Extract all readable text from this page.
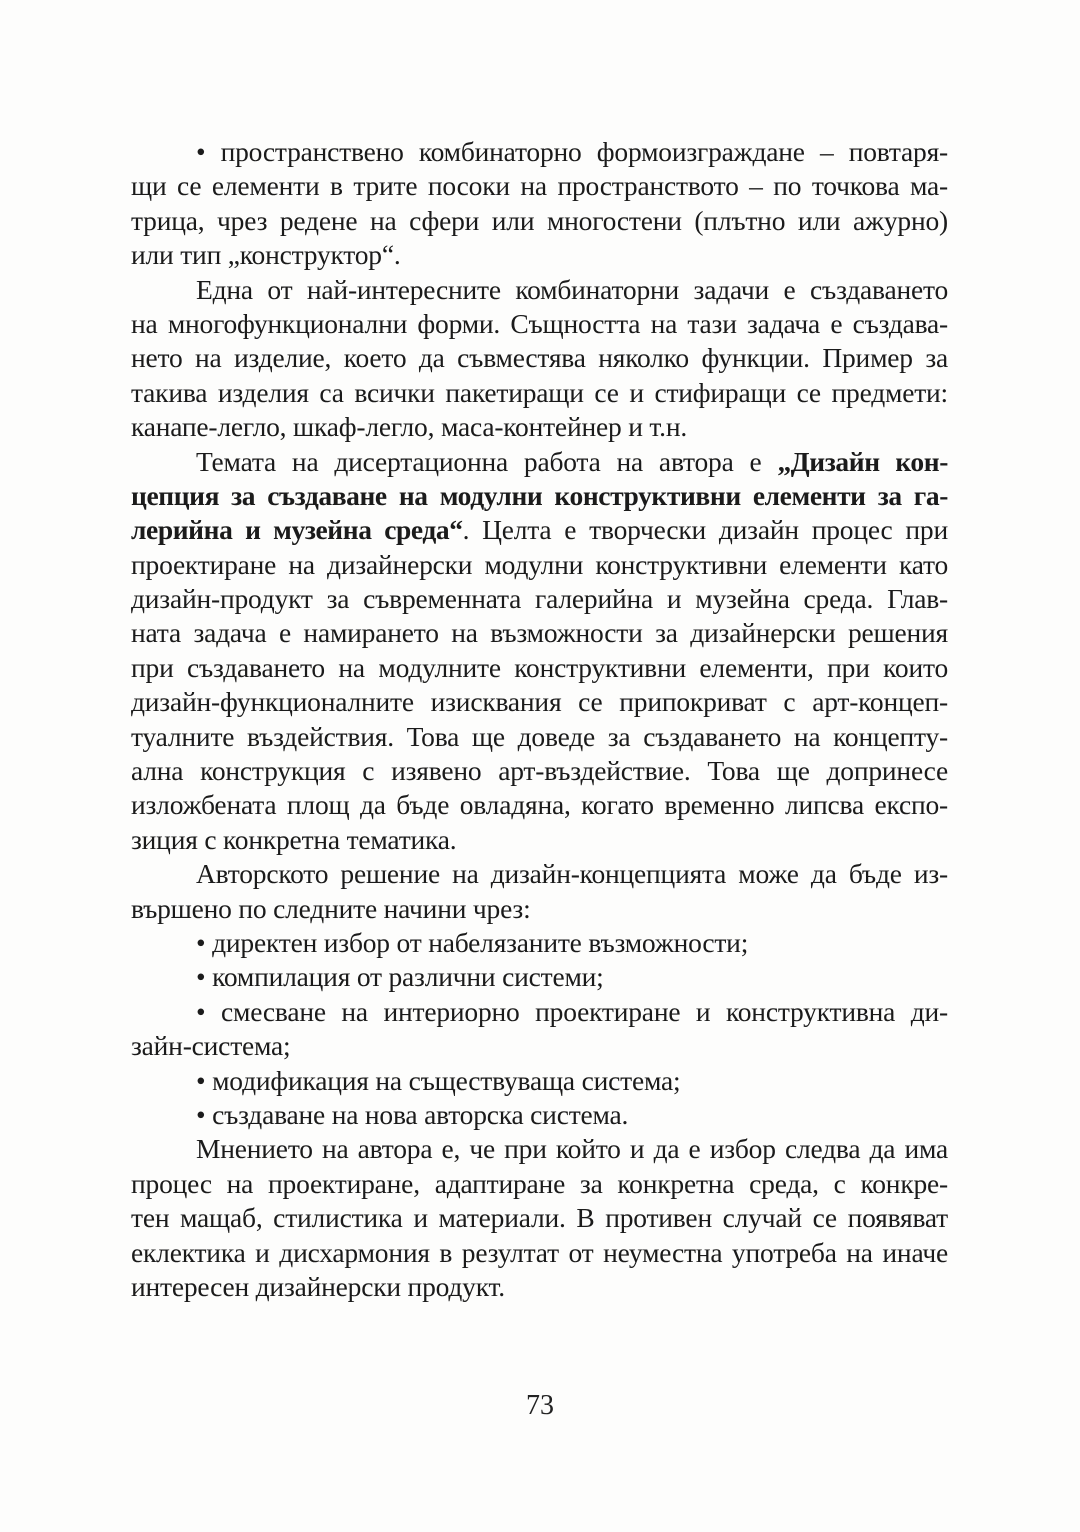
• пространствено комбинаторно формоизграждане – повтаря-
щи се елементи в трите посоки на пространството – по точкова ма-
трица, чрез редене на сфери или многостени (плътно или ажурно)
или тип „конструктор“.
Една от най-интересните комбинаторни задачи е създаването
на многофункционални форми. Същността на тази задача е създава-
нето на изделие, което да съвместява няколко функции. Пример за
такива изделия са всички пакетиращи се и стифиращи се предмети:
канапе-легло, шкаф-легло, маса-контейнер и т.н.
Темата на дисертационна работа на автора е „Дизайн кон-
цепция за създаване на модулни конструктивни елементи за га-
лерийна и музейна среда“. Целта е творчески дизайн процес при
проектиране на дизайнерски модулни конструктивни елементи като
дизайн-продукт за съвременната галерийна и музейна среда. Глав-
ната задача е намирането на възможности за дизайнерски решения
при създаването на модулните конструктивни елементи, при които
дизайн-функционалните изисквания се припокриват с арт-концеп-
туалните въздействия. Това ще доведе за създаването на концепту-
ална конструкция с изявено арт-въздействие. Това ще допринесе
изложбената площ да бъде овладяна, когато временно липсва експо-
зиция с конкретна тематика.
Авторското решение на дизайн-концепцията може да бъде из-
вършено по следните начини чрез:
• директен избор от набелязаните възможности;
• компилация от различни системи;
• смесване на интериорно проектиране и конструктивна ди-
зайн-система;
• модификация на съществуваща система;
• създаване на нова авторска система.
Мнението на автора е, че при който и да е избор следва да има
процес на проектиране, адаптиране за конкретна среда, с конкре-
тен мащаб, стилистика и материали. В противен случай се появяват
еклектика и дисхармония в резултат от неуместна употреба на иначе
интересен дизайнерски продукт.
73
